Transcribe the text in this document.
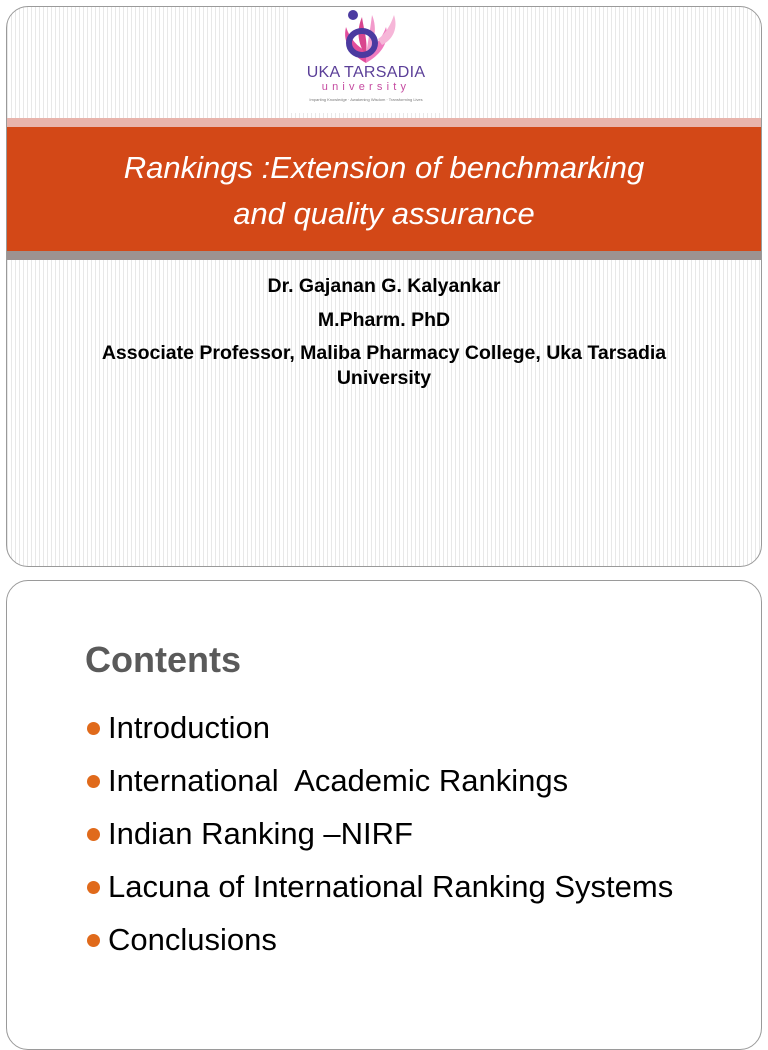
UKA TARSADIA
university
Imparting Knowledge · Awakening Wisdom · Transforming Lives
Rankings :Extension of benchmarking
and quality assurance
Dr. Gajanan G. Kalyankar
M.Pharm. PhD
Associate Professor, Maliba Pharmacy College, Uka Tarsadia University
Contents
Introduction
International  Academic Rankings
Indian Ranking –NIRF
Lacuna of International Ranking Systems
Conclusions
